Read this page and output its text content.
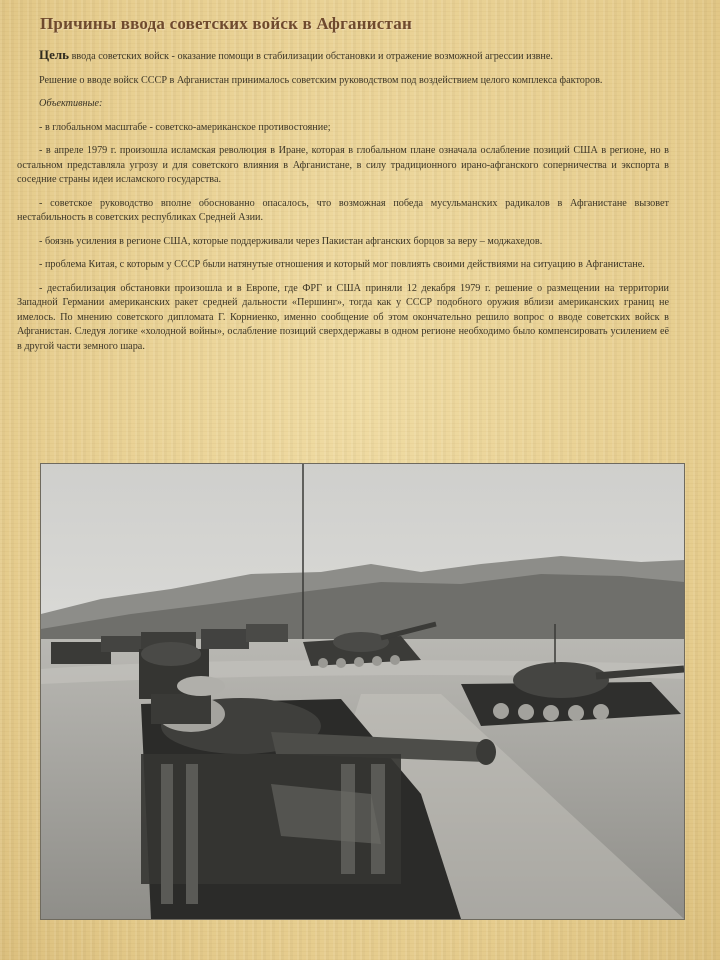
Причины ввода советских войск в Афганистан

Цель ввода советских войск - оказание помощи в стабилизации обстановки и отражение возможной агрессии извне.

Решение о вводе войск СССР в Афганистан принималось советским руководством под воздействием целого комплекса факторов.

Объективные:

- в глобальном масштабе - советско-американское противостояние;

- в апреле 1979 г. произошла исламская революция в Иране, которая в глобальном плане означала ослабление позиций США в регионе, но в остальном представляла угрозу и для советского влияния в Афганистане, в силу традиционного ирано-афганского соперничества и экспорта в соседние страны идеи исламского государства.

- советское руководство вполне обоснованно опасалось, что возможная победа мусульманских радикалов в Афганистане вызовет нестабильность в советских республиках Средней Азии.

- боязнь усиления в регионе США, которые поддерживали через Пакистан афганских борцов за веру – моджахедов.

- проблема Китая, с которым у СССР были натянутые отношения и который мог повлиять своими действиями на ситуацию в Афганистане.

- дестабилизация обстановки произошла и в Европе, где ФРГ и США приняли 12 декабря 1979 г. решение о размещении на территории Западной Германии американских ракет средней дальности «Першинг», тогда как у СССР подобного оружия вблизи американских границ не имелось. По мнению советского дипломата Г. Корниенко, именно сообщение об этом окончательно решило вопрос о вводе советских войск в Афганистан. Следуя логике «холодной войны», ослабление позиций сверхдержавы в одном регионе необходимо было компенсировать усилением её в другой части земного шара.
